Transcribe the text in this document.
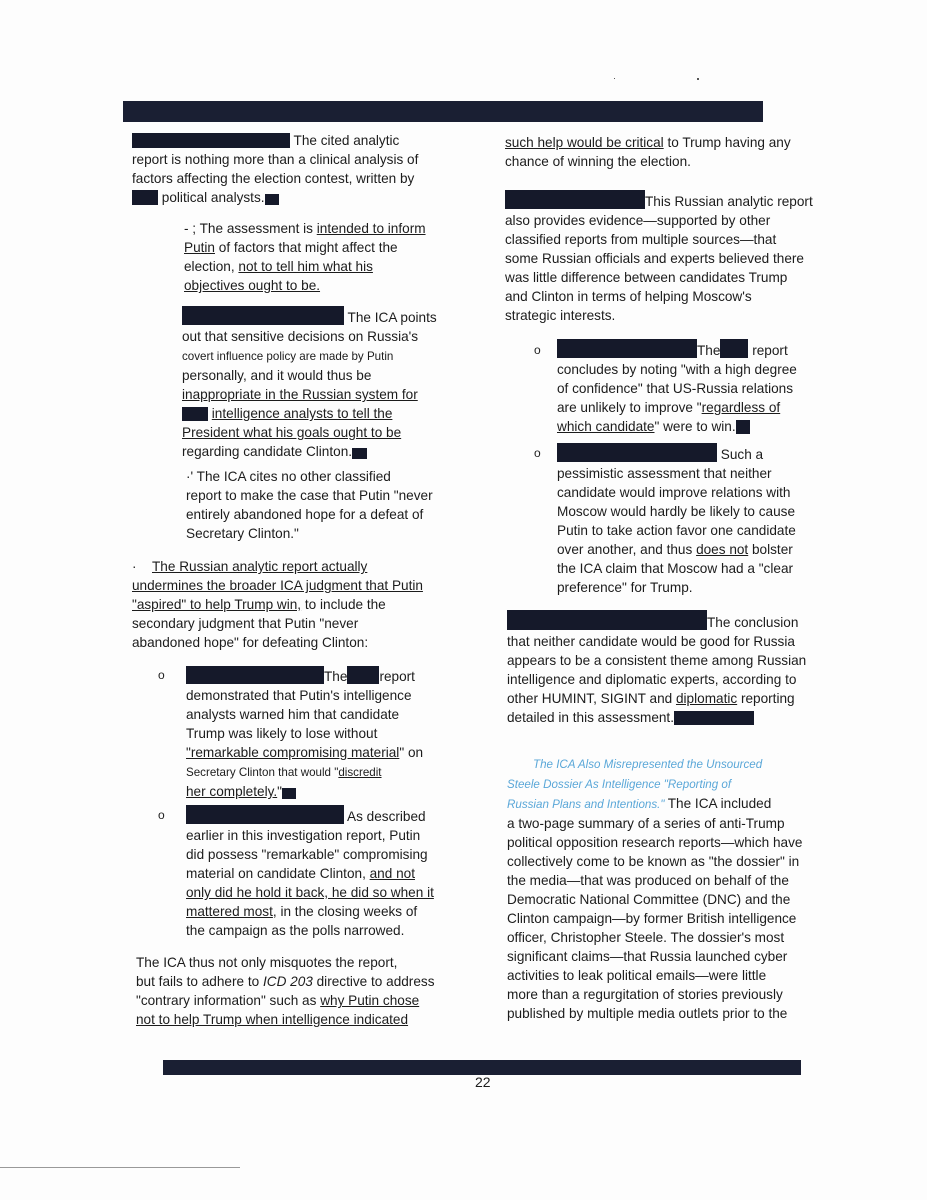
The cited analytic
report is nothing more than a clinical analysis of
factors affecting the election contest, written by
political analysts.

- ; The assessment is intended to inform
Putin of factors that might affect the
election, not to tell him what his
objectives ought to be.

The ICA points
out that sensitive decisions on Russia's
covert influence policy are made by Putin
personally, and it would thus be
inappropriate in the Russian system for
intelligence analysts to tell the
President what his goals ought to be
regarding candidate Clinton.

·' The ICA cites no other classified
report to make the case that Putin "never
entirely abandoned hope for a defeat of
Secretary Clinton."

· The Russian analytic report actually
undermines the broader ICA judgment that Putin
"aspired" to help Trump win, to include the
secondary judgment that Putin "never
abandoned hope" for defeating Clinton:

o	The report
demonstrated that Putin's intelligence
analysts warned him that candidate
Trump was likely to lose without
"remarkable compromising material" on
Secretary Clinton that would "discredit
her completely."

o	As described
earlier in this investigation report, Putin
did possess "remarkable" compromising
material on candidate Clinton, and not
only did he hold it back, he did so when it
mattered most, in the closing weeks of
the campaign as the polls narrowed.

The ICA thus not only misquotes the report,
but fails to adhere to ICD 203 directive to address
"contrary information" such as why Putin chose
not to help Trump when intelligence indicated

such help would be critical to Trump having any
chance of winning the election.

This Russian analytic report
also provides evidence—supported by other
classified reports from multiple sources—that
some Russian officials and experts believed there
was little difference between candidates Trump
and Clinton in terms of helping Moscow's
strategic interests.

o	The report
concludes by noting "with a high degree
of confidence" that US-Russia relations
are unlikely to improve "regardless of
which candidate" were to win.

o	Such a
pessimistic assessment that neither
candidate would improve relations with
Moscow would hardly be likely to cause
Putin to take action favor one candidate
over another, and thus does not bolster
the ICA claim that Moscow had a "clear
preference" for Trump.

The conclusion
that neither candidate would be good for Russia
appears to be a consistent theme among Russian
intelligence and diplomatic experts, according to
other HUMINT, SIGINT and diplomatic reporting
detailed in this assessment.

The ICA Also Misrepresented the Unsourced
Steele Dossier As Intelligence "Reporting of
Russian Plans and Intentions." The ICA included
a two-page summary of a series of anti-Trump
political opposition research reports—which have
collectively come to be known as "the dossier" in
the media—that was produced on behalf of the
Democratic National Committee (DNC) and the
Clinton campaign—by former British intelligence
officer, Christopher Steele. The dossier's most
significant claims—that Russia launched cyber
activities to leak political emails—were little
more than a regurgitation of stories previously
published by multiple media outlets prior to the

22
